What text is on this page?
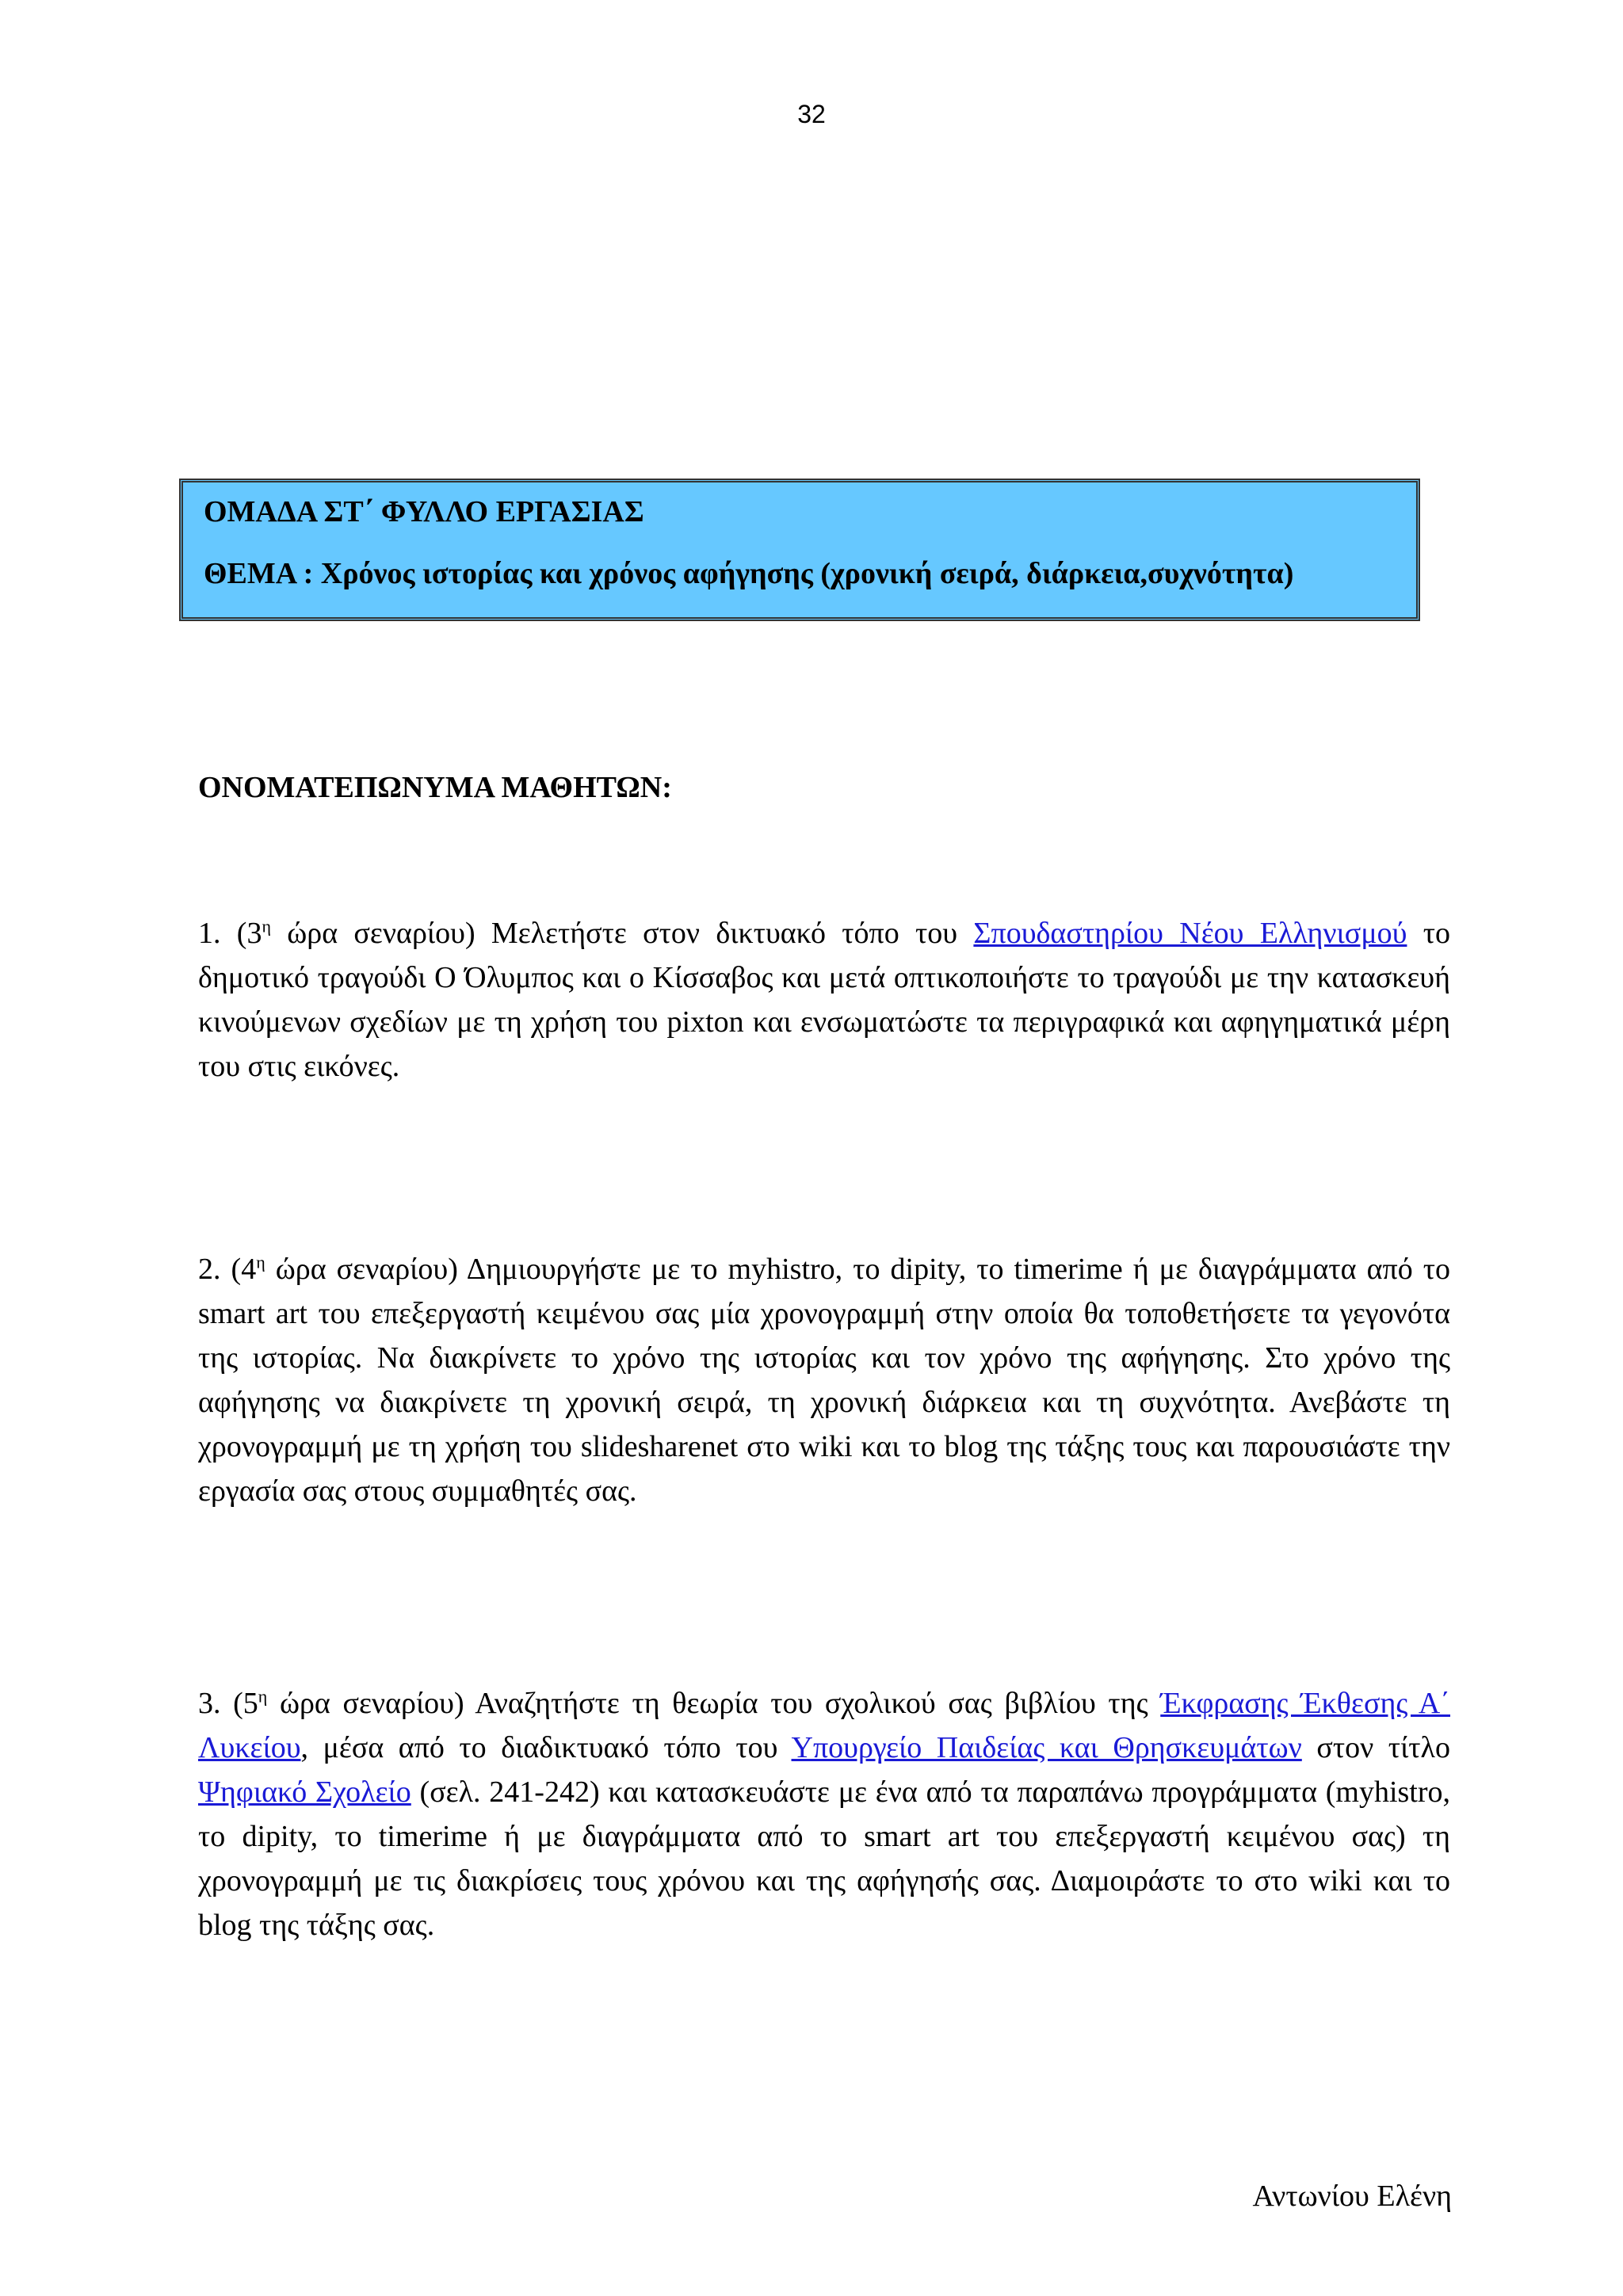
32
ΟΜΑΔΑ ΣΤ΄ ΦΥΛΛΟ ΕΡΓΑΣΙΑΣ
ΘΕΜΑ : Χρόνος ιστορίας και χρόνος αφήγησης (χρονική σειρά, διάρκεια,συχνότητα)
ΟΝΟΜΑΤΕΠΩΝΥΜΑ ΜΑΘΗΤΩΝ:
1. ($3^\eta$ ώρα σεναρίου) Μελετήστε στον δικτυακό τόπο του Σπουδαστηρίου Νέου Ελληνισμού το δημοτικό τραγούδι Ο Όλυμπος και ο Κίσσαβος και μετά οπτικοποιήστε το τραγούδι με την κατασκευή κινούμενων σχεδίων με τη χρήση του pixton και ενσωματώστε τα περιγραφικά και αφηγηματικά μέρη του στις εικόνες.
2. ($4^\eta$ ώρα σεναρίου) Δημιουργήστε με το myhistro, το dipity, το timerime ή με διαγράμματα από το smart art του επεξεργαστή κειμένου σας μία χρονογραμμή στην οποία θα τοποθετήσετε τα γεγονότα της ιστορίας. Να διακρίνετε το χρόνο της ιστορίας και τον χρόνο της αφήγησης. Στο χρόνο της αφήγησης να διακρίνετε τη χρονική σειρά, τη χρονική διάρκεια και τη συχνότητα. Ανεβάστε τη χρονογραμμή με τη χρήση του slidesharenet στο wiki και το blog της τάξης τους και παρουσιάστε την εργασία σας στους συμμαθητές σας.
3. ($5^\eta$ ώρα σεναρίου) Αναζητήστε τη θεωρία του σχολικού σας βιβλίου της Έκφρασης Έκθεσης Α΄ Λυκείου, μέσα από το διαδικτυακό τόπο του Υπουργείο Παιδείας και Θρησκευμάτων στον τίτλο Ψηφιακό Σχολείο (σελ. 241-242) και κατασκευάστε με ένα από τα παραπάνω προγράμματα (myhistro, το dipity, το timerime ή με διαγράμματα από το smart art του επεξεργαστή κειμένου σας) τη χρονογραμμή με τις διακρίσεις τους χρόνου και της αφήγησής σας. Διαμοιράστε το στο wiki και το blog της τάξης σας.
Αντωνίου Ελένη
